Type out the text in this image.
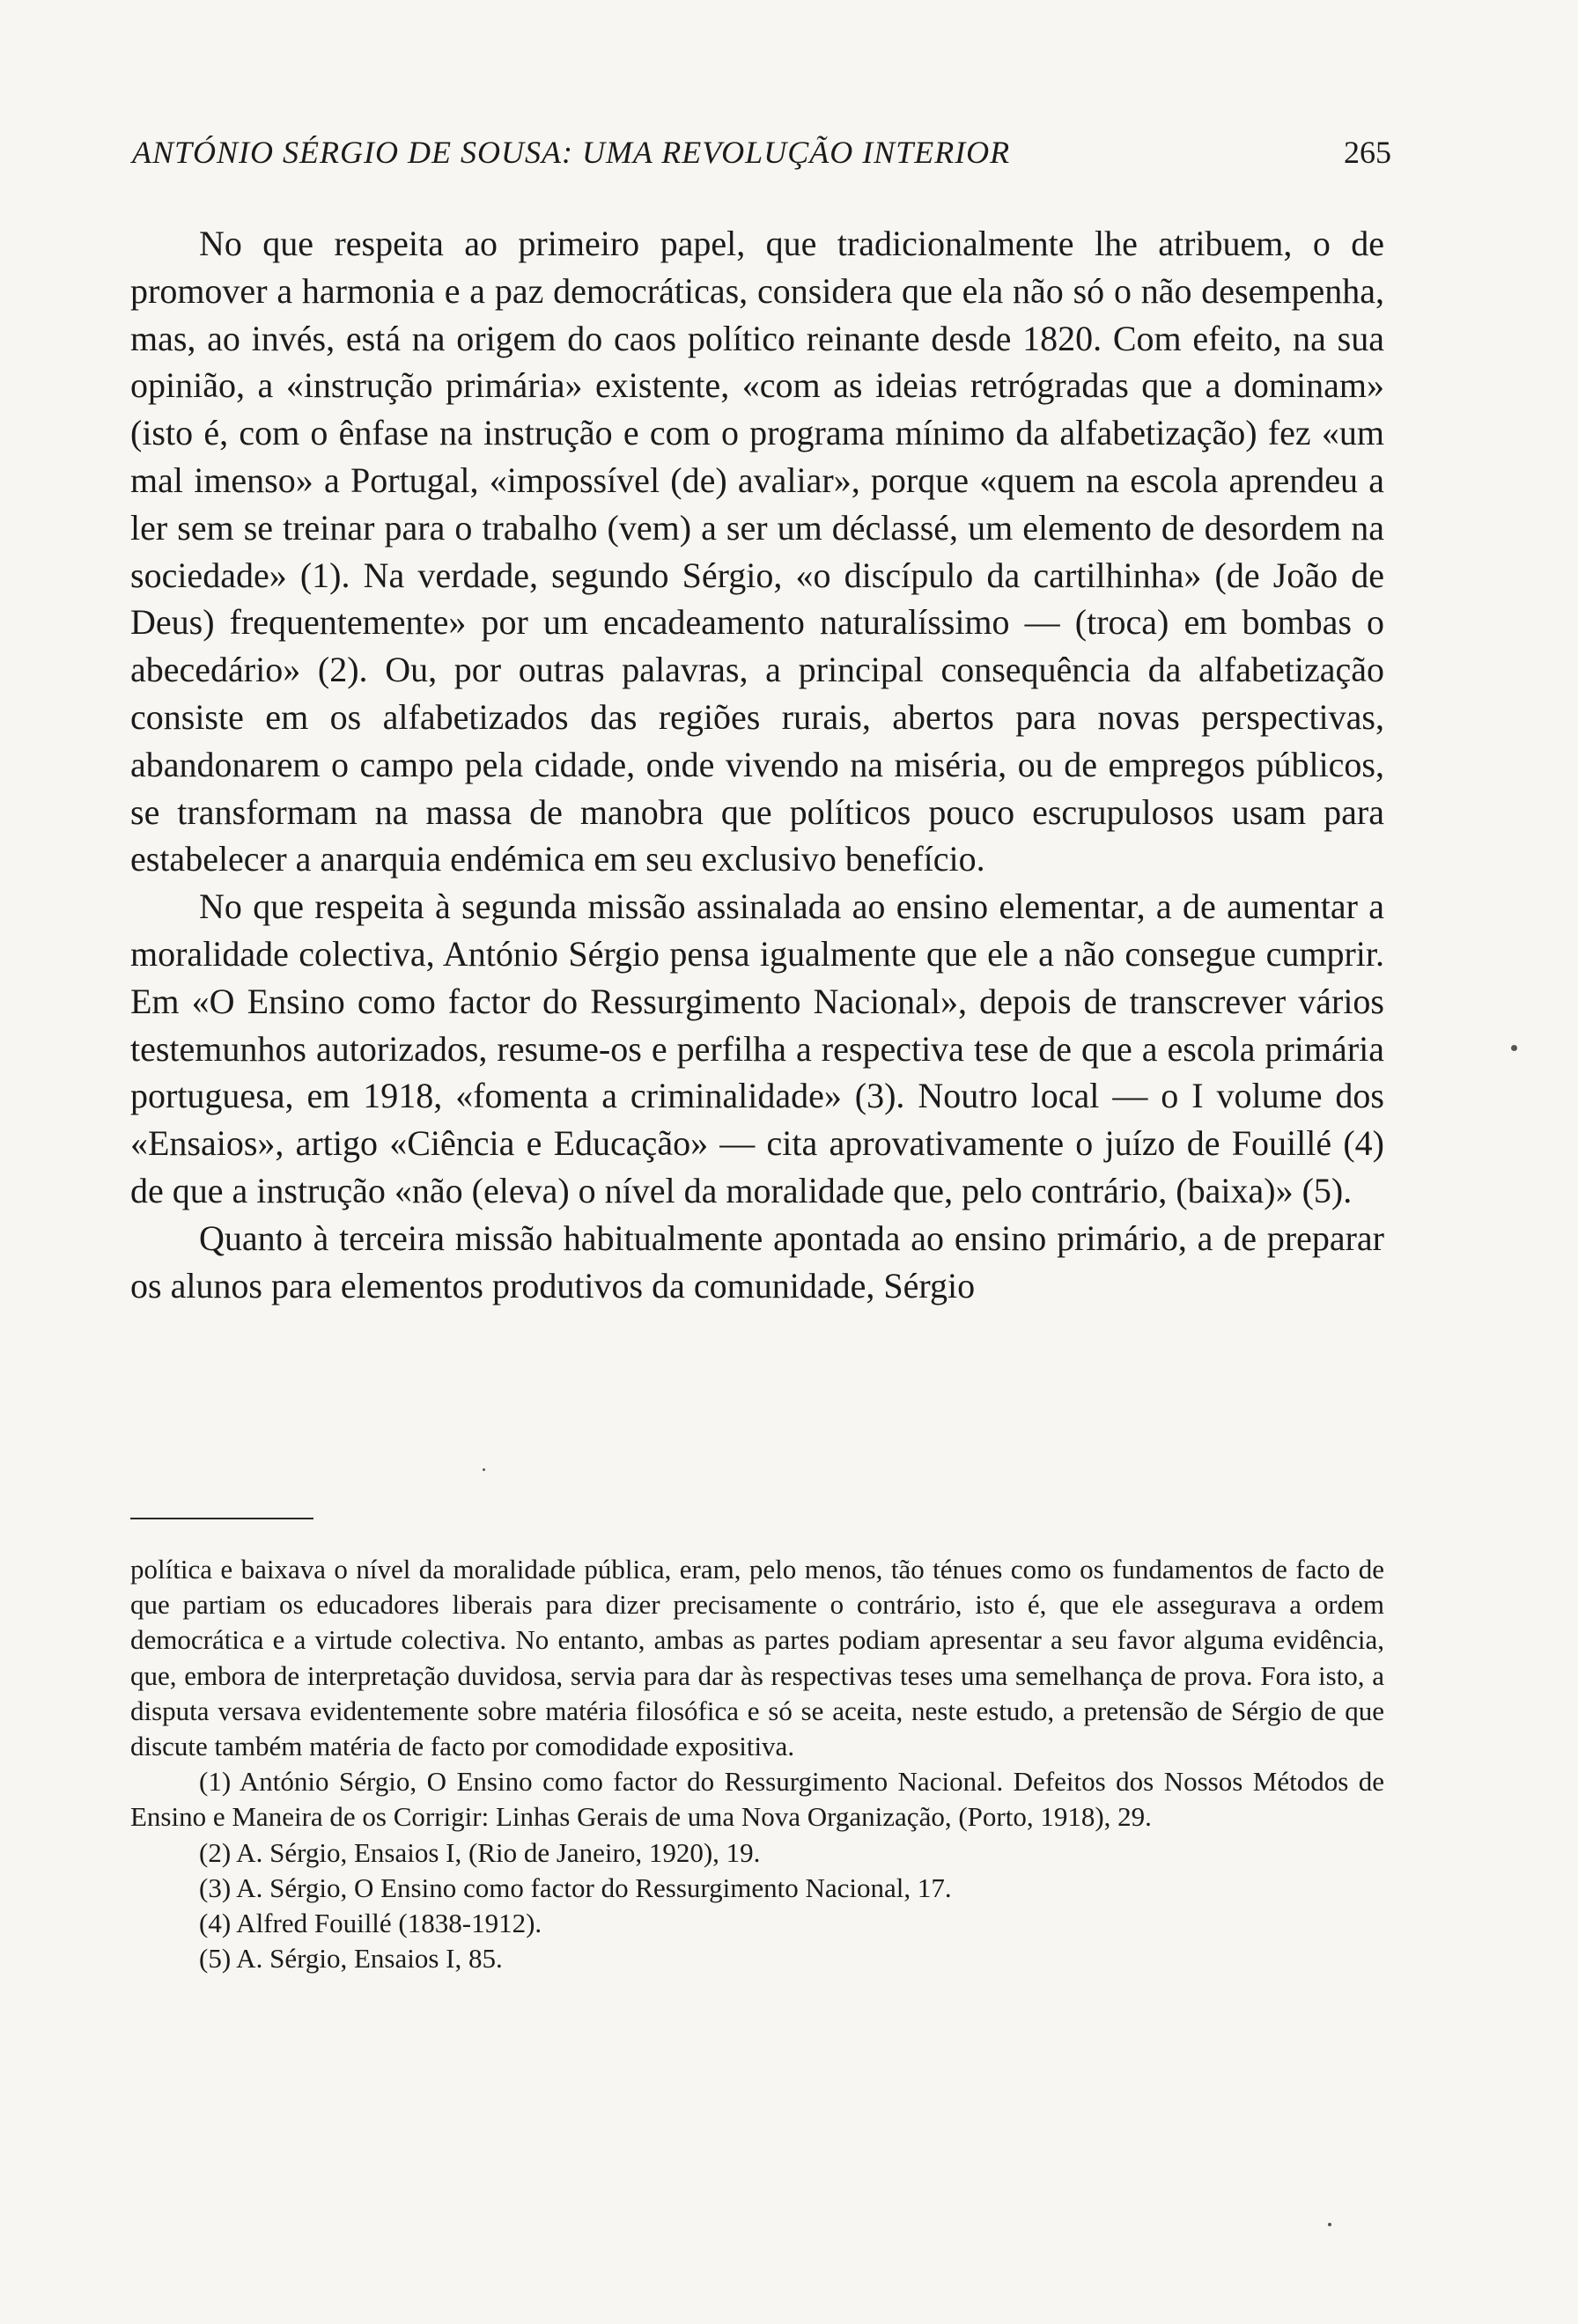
ANTÓNIO SÉRGIO DE SOUSA: UMA REVOLUÇÃO INTERIOR	265

No que respeita ao primeiro papel, que tradicionalmente lhe atribuem, o de promover a harmonia e a paz democráticas, considera que ela não só o não desempenha, mas, ao invés, está na origem do caos político reinante desde 1820. Com efeito, na sua opinião, a «instrução primária» existente, «com as ideias retrógradas que a dominam» (isto é, com o ênfase na instrução e com o programa mínimo da alfabetização) fez «um mal imenso» a Portugal, «impossível (de) avaliar», porque «quem na escola aprendeu a ler sem se treinar para o trabalho (vem) a ser um déclassé, um elemento de desordem na sociedade» (1). Na verdade, segundo Sérgio, «o discípulo da cartilhinha» (de João de Deus) frequentemente» por um encadeamento naturalíssimo — (troca) em bombas o abecedário» (2). Ou, por outras palavras, a principal consequência da alfabetização consiste em os alfabetizados das regiões rurais, abertos para novas perspectivas, abandonarem o campo pela cidade, onde vivendo na miséria, ou de empregos públicos, se transformam na massa de manobra que políticos pouco escrupulosos usam para estabelecer a anarquia endémica em seu exclusivo benefício.

No que respeita à segunda missão assinalada ao ensino elementar, a de aumentar a moralidade colectiva, António Sérgio pensa igualmente que ele a não consegue cumprir. Em «O Ensino como factor do Ressurgimento Nacional», depois de transcrever vários testemunhos autorizados, resume-os e perfilha a respectiva tese de que a escola primária portuguesa, em 1918, «fomenta a criminalidade» (3). Noutro local — o I volume dos «Ensaios», artigo «Ciência e Educação» — cita aprovativamente o juízo de Fouillé (4) de que a instrução «não (eleva) o nível da moralidade que, pelo contrário, (baixa)» (5).

Quanto à terceira missão habitualmente apontada ao ensino primário, a de preparar os alunos para elementos produtivos da comunidade, Sérgio

política e baixava o nível da moralidade pública, eram, pelo menos, tão ténues como os fundamentos de facto de que partiam os educadores liberais para dizer precisamente o contrário, isto é, que ele assegurava a ordem democrática e a virtude colectiva. No entanto, ambas as partes podiam apresentar a seu favor alguma evidência, que, embora de interpretação duvidosa, servia para dar às respectivas teses uma semelhança de prova. Fora isto, a disputa versava evidentemente sobre matéria filosófica e só se aceita, neste estudo, a pretensão de Sérgio de que discute também matéria de facto por comodidade expositiva.

(1) António Sérgio, O Ensino como factor do Ressurgimento Nacional. Defeitos dos Nossos Métodos de Ensino e Maneira de os Corrigir: Linhas Gerais de uma Nova Organização, (Porto, 1918), 29.

(2) A. Sérgio, Ensaios I, (Rio de Janeiro, 1920), 19.

(3) A. Sérgio, O Ensino como factor do Ressurgimento Nacional, 17.

(4) Alfred Fouillé (1838-1912).

(5) A. Sérgio, Ensaios I, 85.
